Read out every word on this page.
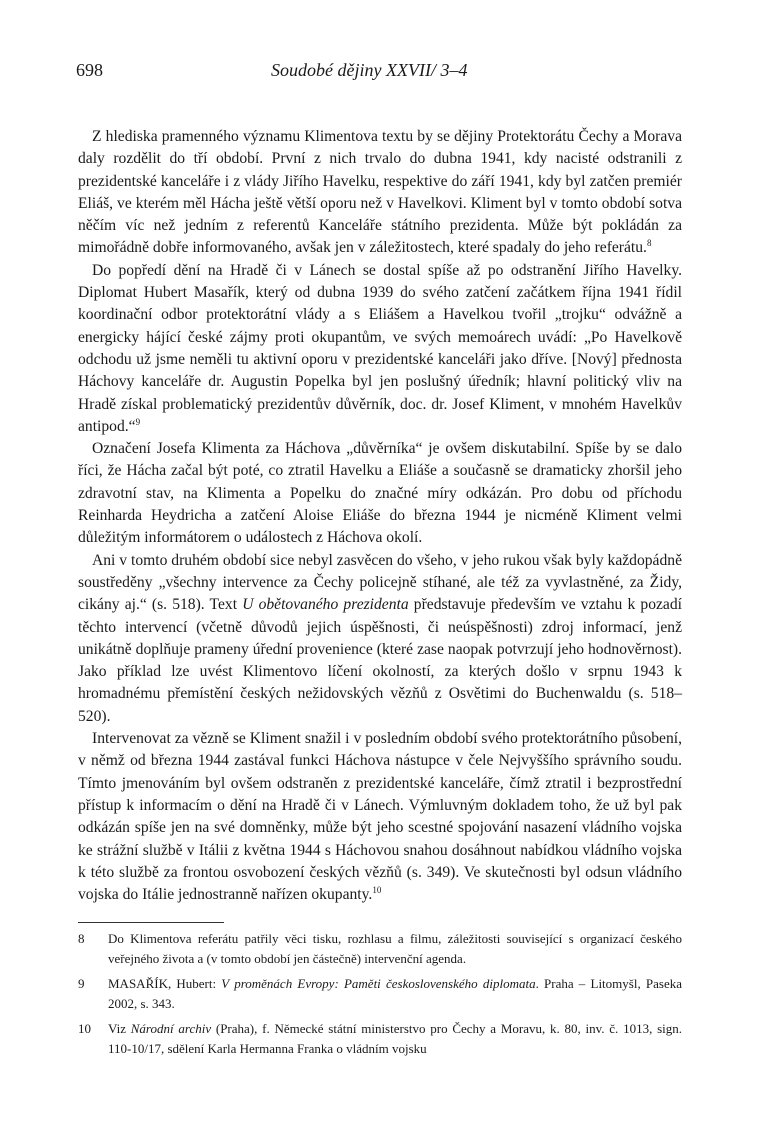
698	Soudobé dějiny XXVII/ 3–4

Z hlediska pramenného významu Klimentova textu by se dějiny Protektorátu Čechy a Morava daly rozdělit do tří období. První z nich trvalo do dubna 1941, kdy nacisté odstranili z prezidentské kanceláře i z vlády Jiřího Havelku, respektive do září 1941, kdy byl zatčen premiér Eliáš, ve kterém měl Hácha ještě větší oporu než v Havelkovi. Kliment byl v tomto období sotva něčím víc než jedním z referentů Kanceláře státního prezidenta. Může být pokládán za mimořádně dobře informovaného, avšak jen v záležitostech, které spadaly do jeho referátu.$^8$

Do popředí dění na Hradě či v Lánech se dostal spíše až po odstranění Jiřího Havelky. Diplomat Hubert Masařík, který od dubna 1939 do svého zatčení začátkem října 1941 řídil koordinační odbor protektorátní vlády a s Eliášem a Havelkou tvořil „trojku“ odvážně a energicky hájící české zájmy proti okupantům, ve svých memoárech uvádí: „Po Havelkově odchodu už jsme neměli tu aktivní oporu v prezidentské kanceláři jako dříve. [Nový] přednosta Háchovy kanceláře dr. Augustin Popelka byl jen poslušný úředník; hlavní politický vliv na Hradě získal problematický prezidentův důvěrník, doc. dr. Josef Kliment, v mnohém Havelkův antipod.“$^9$

Označení Josefa Klimenta za Háchova „důvěrníka“ je ovšem diskutabilní. Spíše by se dalo říci, že Hácha začal být poté, co ztratil Havelku a Eliáše a současně se dramaticky zhoršil jeho zdravotní stav, na Klimenta a Popelku do značné míry odkázán. Pro dobu od příchodu Reinharda Heydricha a zatčení Aloise Eliáše do března 1944 je nicméně Kliment velmi důležitým informátorem o událostech z Háchova okolí.

Ani v tomto druhém období sice nebyl zasvěcen do všeho, v jeho rukou však byly každopádně soustředěny „všechny intervence za Čechy policejně stíhané, ale též za vyvlastněné, za Židy, cikány aj.“ (s. 518). Text U obětovaného prezidenta představuje především ve vztahu k pozadí těchto intervencí (včetně důvodů jejich úspěšnosti, či neúspěšnosti) zdroj informací, jenž unikátně doplňuje prameny úřední provenience (které zase naopak potvrzují jeho hodnověrnost). Jako příklad lze uvést Klimentovo líčení okolností, za kterých došlo v srpnu 1943 k hromadnému přemístění českých nežidovských vězňů z Osvětimi do Buchenwaldu (s. 518–520).

Intervenovat za vězně se Kliment snažil i v posledním období svého protektorátního působení, v němž od března 1944 zastával funkci Háchova nástupce v čele Nejvyššího správního soudu. Tímto jmenováním byl ovšem odstraněn z prezidentské kanceláře, čímž ztratil i bezprostřední přístup k informacím o dění na Hradě či v Lánech. Výmluvným dokladem toho, že už byl pak odkázán spíše jen na své domněnky, může být jeho scestné spojování nasazení vládního vojska ke strážní službě v Itálii z května 1944 s Háchovou snahou dosáhnout nabídkou vládního vojska k této službě za frontou osvobození českých vězňů (s. 349). Ve skutečnosti byl odsun vládního vojska do Itálie jednostranně nařízen okupanty.$^{10}$

8	Do Klimentova referátu patřily věci tisku, rozhlasu a filmu, záležitosti související s organizací českého veřejného života a (v tomto období jen částečně) intervenční agenda.
9	MASAŘÍK, Hubert: V proměnách Evropy: Paměti československého diplomata. Praha – Litomyšl, Paseka 2002, s. 343.
10	Viz Národní archiv (Praha), f. Německé státní ministerstvo pro Čechy a Moravu, k. 80, inv. č. 1013, sign. 110-10/17, sdělení Karla Hermanna Franka o vládním vojsku
